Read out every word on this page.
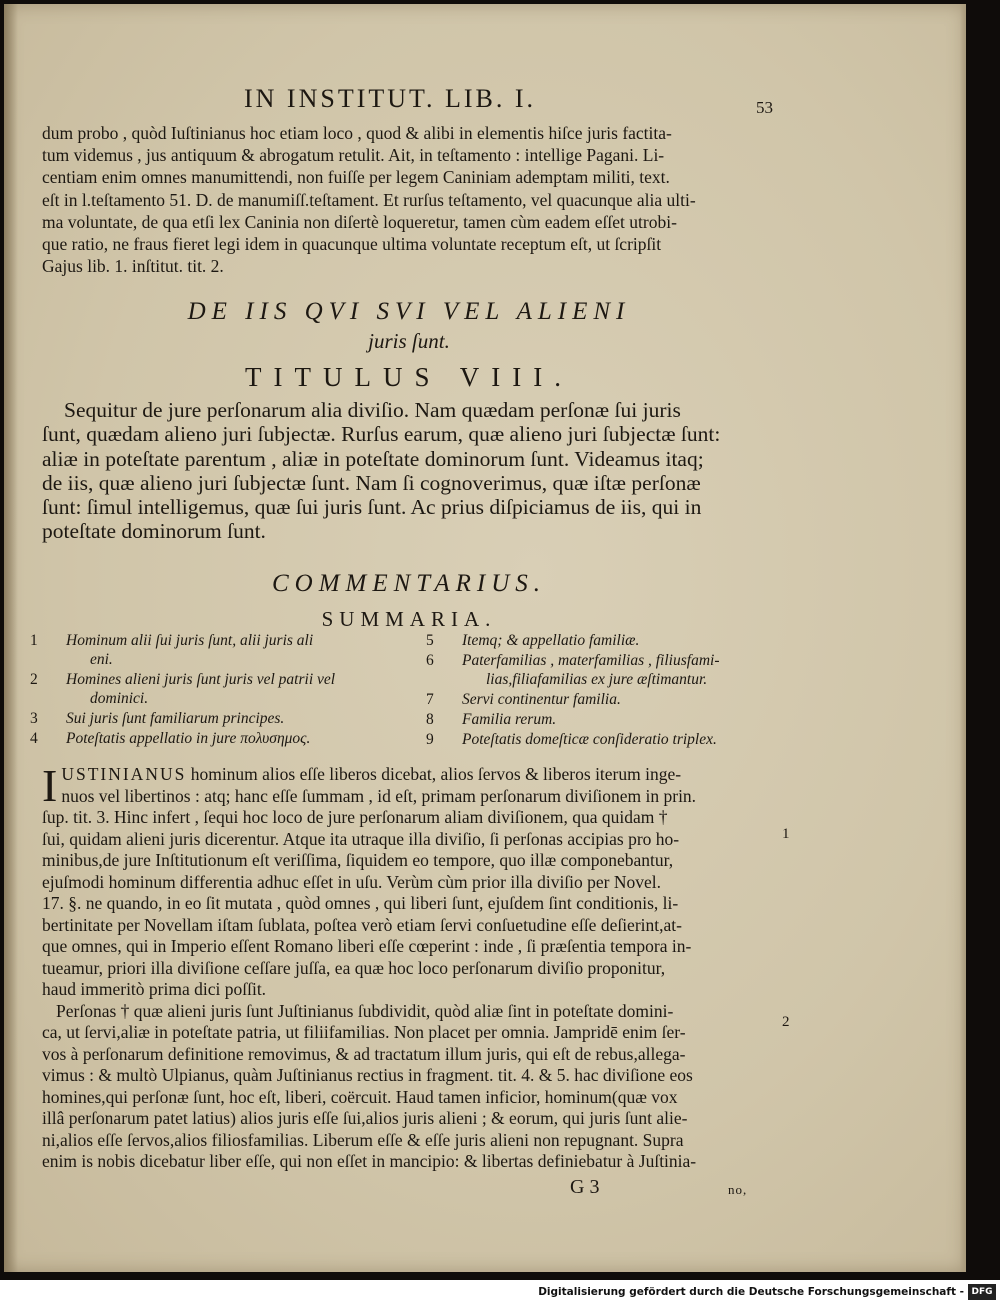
IN INSTITUT. LIB. I.	53
dum probo , quòd Iuſtinianus hoc etiam loco , quod & alibi in elementis hiſce juris factita-
tum videmus , jus antiquum & abrogatum retulit. Ait, in teſtamento : intellige Pagani. Li-
centiam enim omnes manumittendi, non fuiſſe per legem Caniniam ademptam militi, text.
eſt in l.teſtamento 51. D. de manumiſſ.teſtament. Et rurſus teſtamento, vel quacunque alia ulti-
ma voluntate, de qua etſi lex Caninia non diſertè loqueretur, tamen cùm eadem eſſet utrobi-
que ratio, ne fraus fieret legi idem in quacunque ultima voluntate receptum eſt, ut ſcripſit
Gajus lib. 1. inſtitut. tit. 2.
DE IIS QVI SVI VEL ALIENI
juris ſunt.
TITULUS VIII.
Sequitur de jure perſonarum alia diviſio. Nam quædam perſonæ ſui juris
ſunt, quædam alieno juri ſubjectæ. Rurſus earum, quæ alieno juri ſubjectæ ſunt:
aliæ in poteſtate parentum , aliæ in poteſtate dominorum ſunt. Videamus itaq;
de iis, quæ alieno juri ſubjectæ ſunt. Nam ſi cognoverimus, quæ iſtæ perſonæ
ſunt: ſimul intelligemus, quæ ſui juris ſunt. Ac prius diſpiciamus de iis, qui in
poteſtate dominorum ſunt.
COMMENTARIUS.
SUMMARIA.
1	Hominum alii ſui juris ſunt, alii juris ali
eni.
2	Homines alieni juris ſunt juris vel patrii vel
dominici.
3	Sui juris ſunt familiarum principes.
4	Poteſtatis appellatio in jure πολυσημος.
5	Itemq; & appellatio familiæ.
6	Paterfamilias , materfamilias , filiusfami-
lias,filiafamilias ex jure æſtimantur.
7	Servi continentur familia.
8	Familia rerum.
9	Poteſtatis domeſticæ conſideratio triplex.
I USTINIANUS hominum alios eſſe liberos dicebat, alios ſervos & liberos iterum inge-
nuos vel libertinos : atq; hanc eſſe ſummam , id eſt, primam perſonarum diviſionem in prin.
ſup. tit. 3. Hinc infert , ſequi hoc loco de jure perſonarum aliam diviſionem, qua quidam †
ſui, quidam alieni juris dicerentur. Atque ita utraque illa diviſio, ſi perſonas accipias pro ho-
minibus,de jure Inſtitutionum eſt veriſſima, ſiquidem eo tempore, quo illæ componebantur,
ejuſmodi hominum differentia adhuc eſſet in uſu. Verùm cùm prior illa diviſio per Novel.
17. §. ne quando, in eo ſit mutata , quòd omnes , qui liberi ſunt, ejuſdem ſint conditionis, li-
bertinitate per Novellam iſtam ſublata, poſtea verò etiam ſervi conſuetudine eſſe deſierint,at-
que omnes, qui in Imperio eſſent Romano liberi eſſe cœperint : inde , ſi præſentia tempora in-
tueamur, priori illa diviſione ceſſare juſſa, ea quæ hoc loco perſonarum diviſio proponitur,
haud immeritò prima dici poſſit.
Perſonas † quæ alieni juris ſunt Juſtinianus ſubdividit, quòd aliæ ſint in poteſtate domini-
ca, ut ſervi,aliæ in poteſtate patria, ut filiifamilias. Non placet per omnia. Jampridē enim ſer-
vos à perſonarum definitione removimus, & ad tractatum illum juris, qui eſt de rebus,allega-
vimus : & multò Ulpianus, quàm Juſtinianus rectius in fragment. tit. 4. & 5. hac diviſione eos
homines,qui perſonæ ſunt, hoc eſt, liberi, coërcuit. Haud tamen inficior, hominum(quæ vox
illâ perſonarum patet latius) alios juris eſſe ſui,alios juris alieni ; & eorum, qui juris ſunt alie-
ni,alios eſſe ſervos,alios filiosfamilias. Liberum eſſe & eſſe juris alieni non repugnant. Supra
enim is nobis dicebatur liber eſſe, qui non eſſet in mancipio: & libertas definiebatur à Juſtinia-
1
2
G 3	no,
Digitalisierung gefördert durch die Deutsche Forschungsgemeinschaft - DFG
